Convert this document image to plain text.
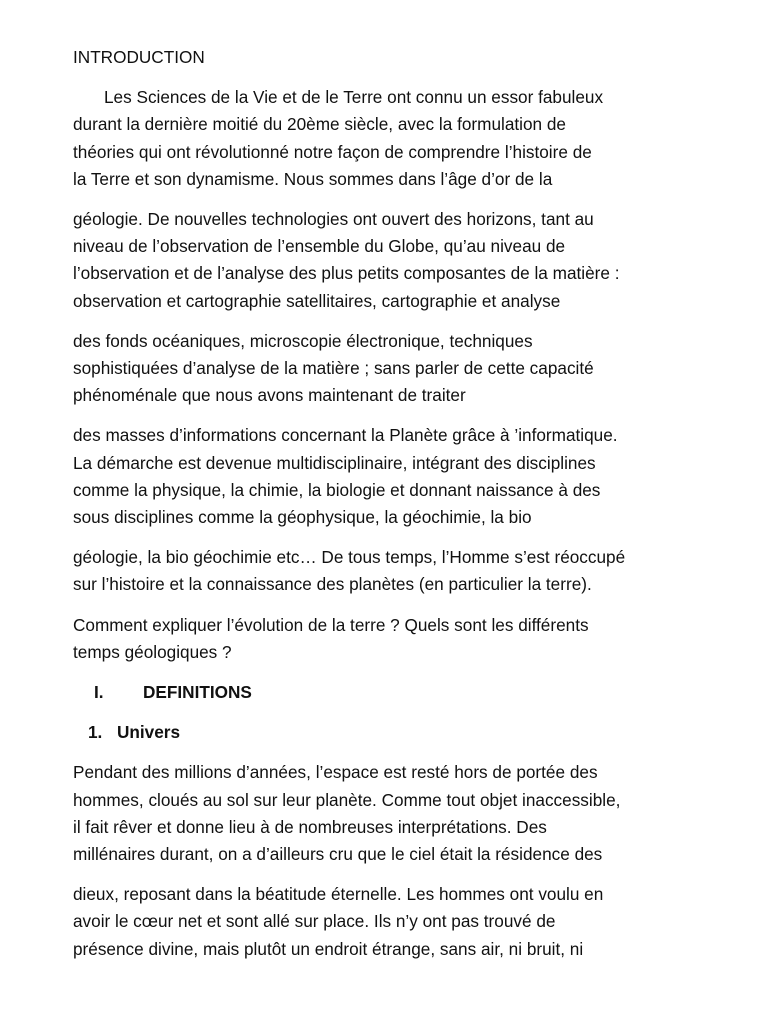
INTRODUCTION
Les Sciences de la Vie et de le Terre ont connu un essor fabuleux
durant la dernière moitié du 20ème siècle, avec la formulation de
théories qui ont révolutionné notre façon de comprendre l’histoire de
la Terre et son dynamisme. Nous sommes dans l’âge d’or de la
géologie. De nouvelles technologies ont ouvert des horizons, tant au
niveau de l’observation de l’ensemble du Globe, qu’au niveau de
l’observation et de l’analyse des plus petits composantes de la matière :
observation et cartographie satellitaires, cartographie et analyse
des fonds océaniques, microscopie électronique, techniques
sophistiquées d’analyse de la matière ; sans parler de cette capacité
phénoménale que nous avons maintenant de traiter
des masses d’informations concernant la Planète grâce à ’informatique.
La démarche est devenue multidisciplinaire, intégrant des disciplines
comme la physique, la chimie, la biologie et donnant naissance à des
sous disciplines comme la géophysique, la géochimie, la bio
géologie, la bio géochimie etc… De tous temps, l’Homme s’est réoccupé
sur l’histoire et la connaissance des planètes (en particulier la terre).
Comment expliquer l’évolution de la terre ? Quels sont les différents
temps géologiques ?
I.	DEFINITIONS
1. Univers
Pendant des millions d’années, l’espace est resté hors de portée des
hommes, cloués au sol sur leur planète. Comme tout objet inaccessible,
il fait rêver et donne lieu à de nombreuses interprétations. Des
millénaires durant, on a d’ailleurs cru que le ciel était la résidence des
dieux, reposant dans la béatitude éternelle. Les hommes ont voulu en
avoir le cœur net et sont allé sur place. Ils n’y ont pas trouvé de
présence divine, mais plutôt un endroit étrange, sans air, ni bruit, ni
